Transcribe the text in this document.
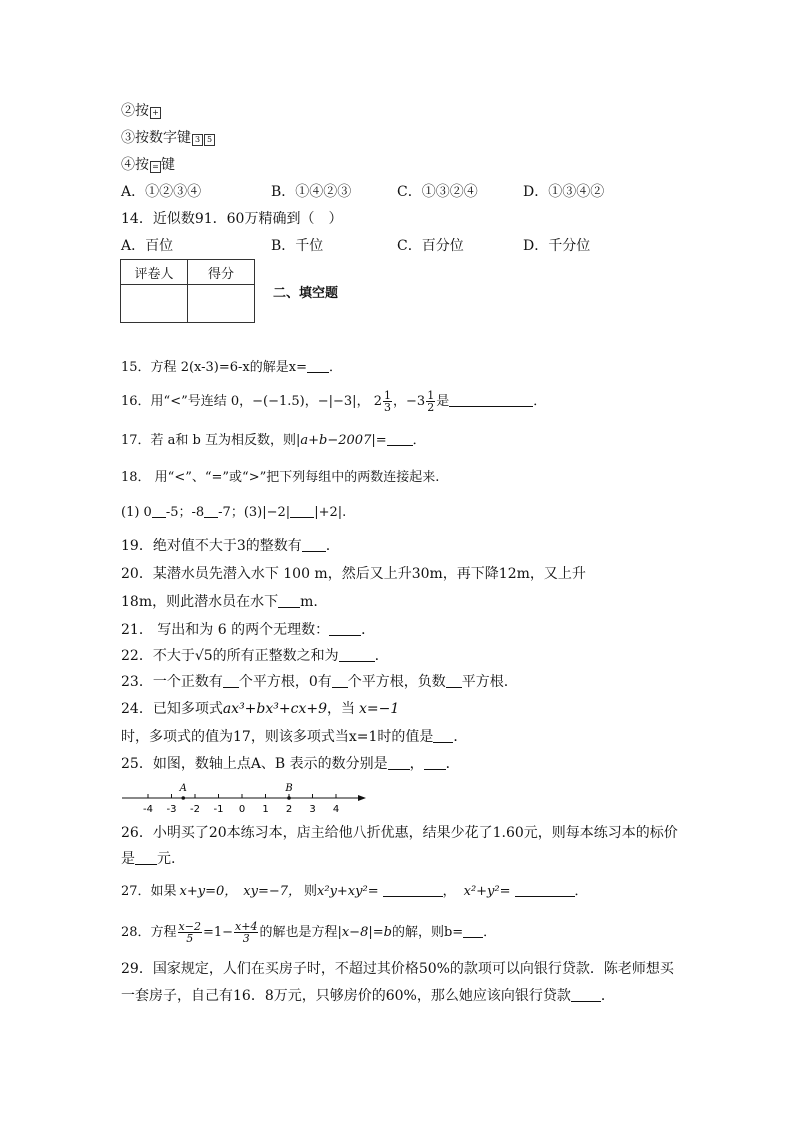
②按 +
③按数字键 3 5
④按 = 键
A．①②③④	B．①④②③	C．①③②④	D．①③④②
14．近似数91．60万精确到（　）
A．百位	B．千位	C．百分位	D．千分位
评卷人	得分

二、填空题
15．方程 2(x-3)=6-x的解是x= ．
16．用“<”号连结 0，−(−1.5)，−|−3|， $2 \frac{1}{3}$ ，$-3 \frac{1}{2}$ 是	．
17．若 a和 b 互为相反数，则|a+b−2007|= ．
18． 用“<”、“=”或“>”把下列每组中的两数连接起来.
(1) 0 -5；-8 -7；(3)|−2| |+2|.
19．绝对值不大于3的整数有 .
20．某潜水员先潜入水下 100 m，然后又上升30m，再下降12m，又上升
18m，则此潜水员在水下 m.
21． 写出和为 6 的两个无理数： ．
22．不大于√5的所有正整数之和为	.
23．一个正数有 个平方根，0有 个平方根，负数 平方根.
24．已知多项式ax³+bx³+cx+9，当 x=−1
时，多项式的值为17，则该多项式当x=1时的值是 ．
25．如图，数轴上点A、B 表示的数分别是 ， ．
-4 -3 -2 -1 0 1 2 3 4
A	B
26．小明买了20本练习本，店主给他八折优惠，结果少花了1.60元，则每本练习本的标价
是 元.
27．如果 x+y=0， xy=−7， 则x²y+xy²=	， x²+y²=	．
28．方程 $\frac{x-2}{5} =1- \frac{x+4}{3}$ 的解也是方程|x−8|=b的解，则b= ．
29．国家规定，人们在买房子时，不超过其价格50%的款项可以向银行贷款．陈老师想买
一套房子，自己有16．8万元，只够房价的60%，那么她应该向银行贷款 ．
